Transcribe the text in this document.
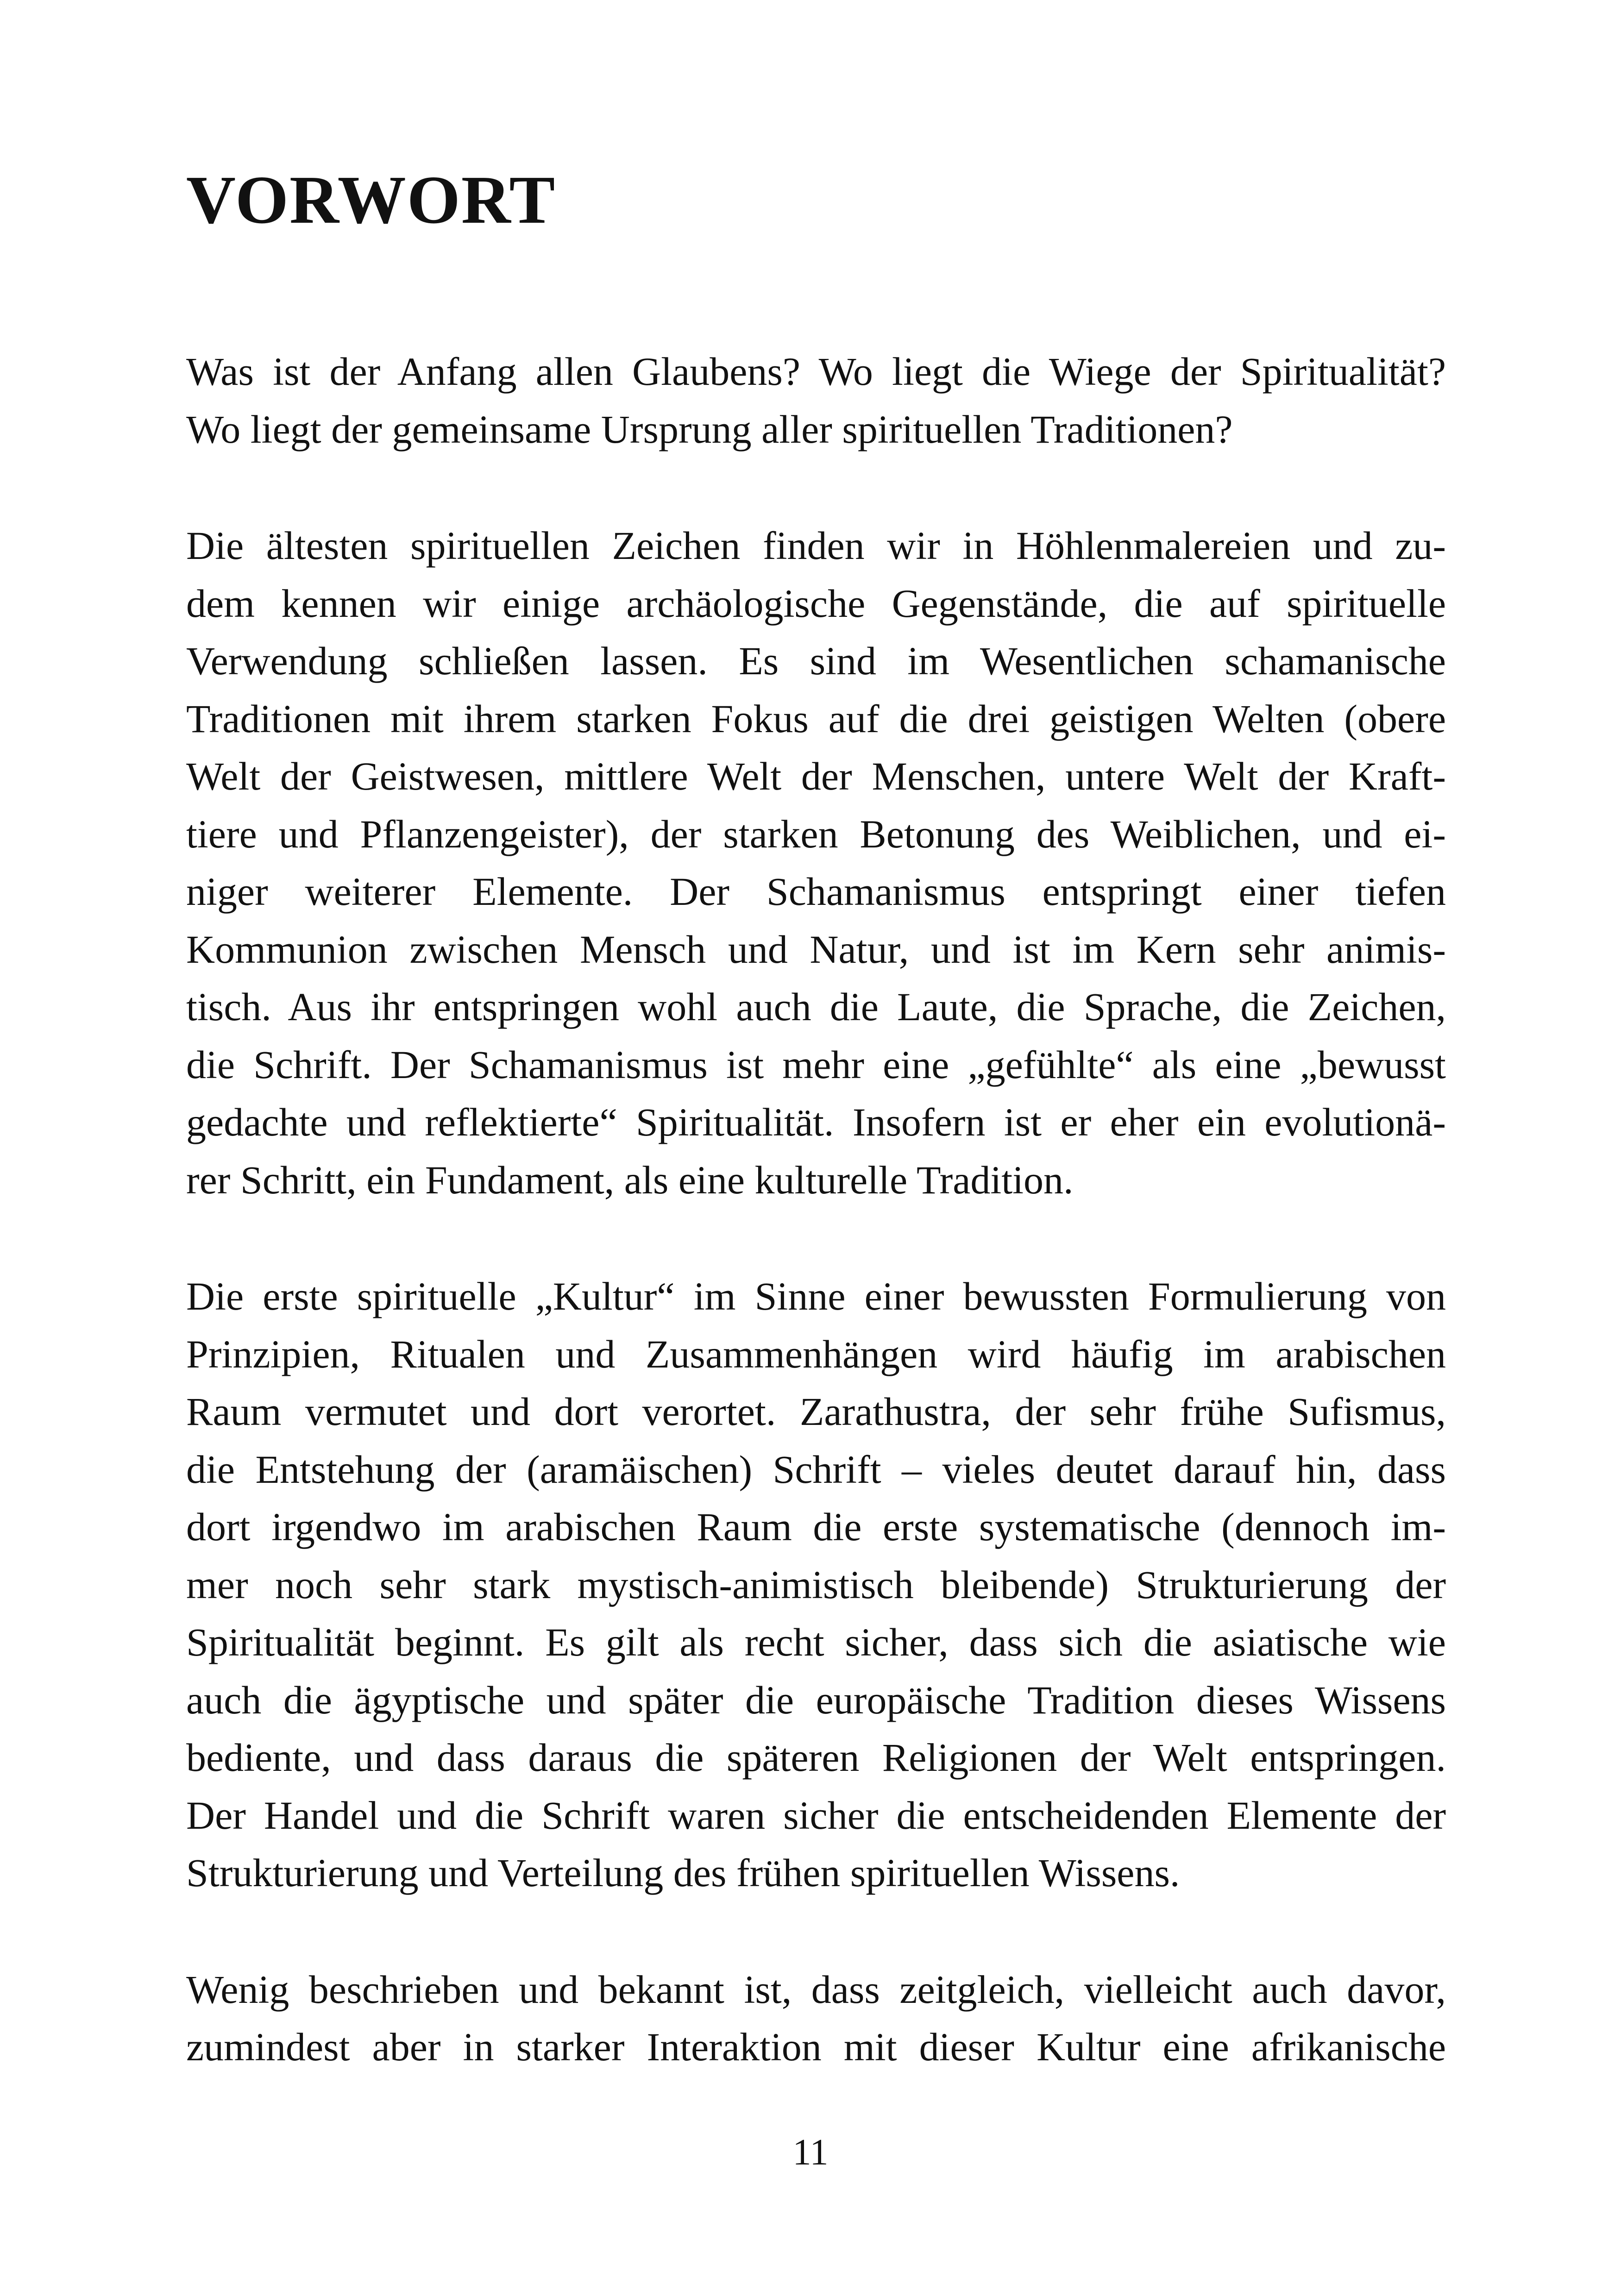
VORWORT

Was ist der Anfang allen Glaubens? Wo liegt die Wiege der Spiritualität?
Wo liegt der gemeinsame Ursprung aller spirituellen Traditionen?

Die ältesten spirituellen Zeichen finden wir in Höhlenmalereien und zu-
dem kennen wir einige archäologische Gegenstände, die auf spirituelle
Verwendung schließen lassen. Es sind im Wesentlichen schamanische
Traditionen mit ihrem starken Fokus auf die drei geistigen Welten (obere
Welt der Geistwesen, mittlere Welt der Menschen, untere Welt der Kraft-
tiere und Pflanzengeister), der starken Betonung des Weiblichen, und ei-
niger weiterer Elemente. Der Schamanismus entspringt einer tiefen
Kommunion zwischen Mensch und Natur, und ist im Kern sehr animis-
tisch. Aus ihr entspringen wohl auch die Laute, die Sprache, die Zeichen,
die Schrift. Der Schamanismus ist mehr eine „gefühlte“ als eine „bewusst
gedachte und reflektierte“ Spiritualität. Insofern ist er eher ein evolutionä-
rer Schritt, ein Fundament, als eine kulturelle Tradition.

Die erste spirituelle „Kultur“ im Sinne einer bewussten Formulierung von
Prinzipien, Ritualen und Zusammenhängen wird häufig im arabischen
Raum vermutet und dort verortet. Zarathustra, der sehr frühe Sufismus,
die Entstehung der (aramäischen) Schrift – vieles deutet darauf hin, dass
dort irgendwo im arabischen Raum die erste systematische (dennoch im-
mer noch sehr stark mystisch-animistisch bleibende) Strukturierung der
Spiritualität beginnt. Es gilt als recht sicher, dass sich die asiatische wie
auch die ägyptische und später die europäische Tradition dieses Wissens
bediente, und dass daraus die späteren Religionen der Welt entspringen.
Der Handel und die Schrift waren sicher die entscheidenden Elemente der
Strukturierung und Verteilung des frühen spirituellen Wissens.

Wenig beschrieben und bekannt ist, dass zeitgleich, vielleicht auch davor,
zumindest aber in starker Interaktion mit dieser Kultur eine afrikanische

11
